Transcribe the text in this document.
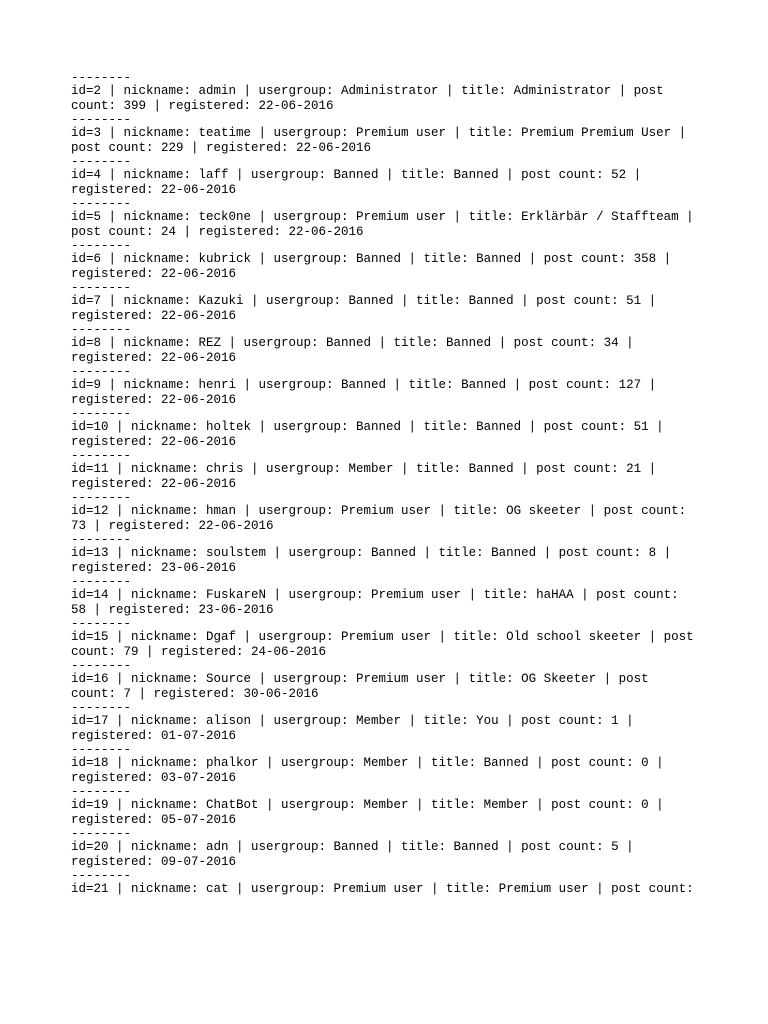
--------
id=2 | nickname: admin | usergroup: Administrator | title: Administrator | post
count: 399 | registered: 22-06-2016
--------
id=3 | nickname: teatime | usergroup: Premium user | title: Premium Premium User |
post count: 229 | registered: 22-06-2016
--------
id=4 | nickname: laff | usergroup: Banned | title: Banned | post count: 52 |
registered: 22-06-2016
--------
id=5 | nickname: teck0ne | usergroup: Premium user | title: Erklärbär / Staffteam |
post count: 24 | registered: 22-06-2016
--------
id=6 | nickname: kubrick | usergroup: Banned | title: Banned | post count: 358 |
registered: 22-06-2016
--------
id=7 | nickname: Kazuki | usergroup: Banned | title: Banned | post count: 51 |
registered: 22-06-2016
--------
id=8 | nickname: REZ | usergroup: Banned | title: Banned | post count: 34 |
registered: 22-06-2016
--------
id=9 | nickname: henri | usergroup: Banned | title: Banned | post count: 127 |
registered: 22-06-2016
--------
id=10 | nickname: holtek | usergroup: Banned | title: Banned | post count: 51 |
registered: 22-06-2016
--------
id=11 | nickname: chris | usergroup: Member | title: Banned | post count: 21 |
registered: 22-06-2016
--------
id=12 | nickname: hman | usergroup: Premium user | title: OG skeeter | post count:
73 | registered: 22-06-2016
--------
id=13 | nickname: soulstem | usergroup: Banned | title: Banned | post count: 8 |
registered: 23-06-2016
--------
id=14 | nickname: FuskareN | usergroup: Premium user | title: haHAA | post count:
58 | registered: 23-06-2016
--------
id=15 | nickname: Dgaf | usergroup: Premium user | title: Old school skeeter | post
count: 79 | registered: 24-06-2016
--------
id=16 | nickname: Source | usergroup: Premium user | title: OG Skeeter | post
count: 7 | registered: 30-06-2016
--------
id=17 | nickname: alison | usergroup: Member | title: You | post count: 1 |
registered: 01-07-2016
--------
id=18 | nickname: phalkor | usergroup: Member | title: Banned | post count: 0 |
registered: 03-07-2016
--------
id=19 | nickname: ChatBot | usergroup: Member | title: Member | post count: 0 |
registered: 05-07-2016
--------
id=20 | nickname: adn | usergroup: Banned | title: Banned | post count: 5 |
registered: 09-07-2016
--------
id=21 | nickname: cat | usergroup: Premium user | title: Premium user | post count:
